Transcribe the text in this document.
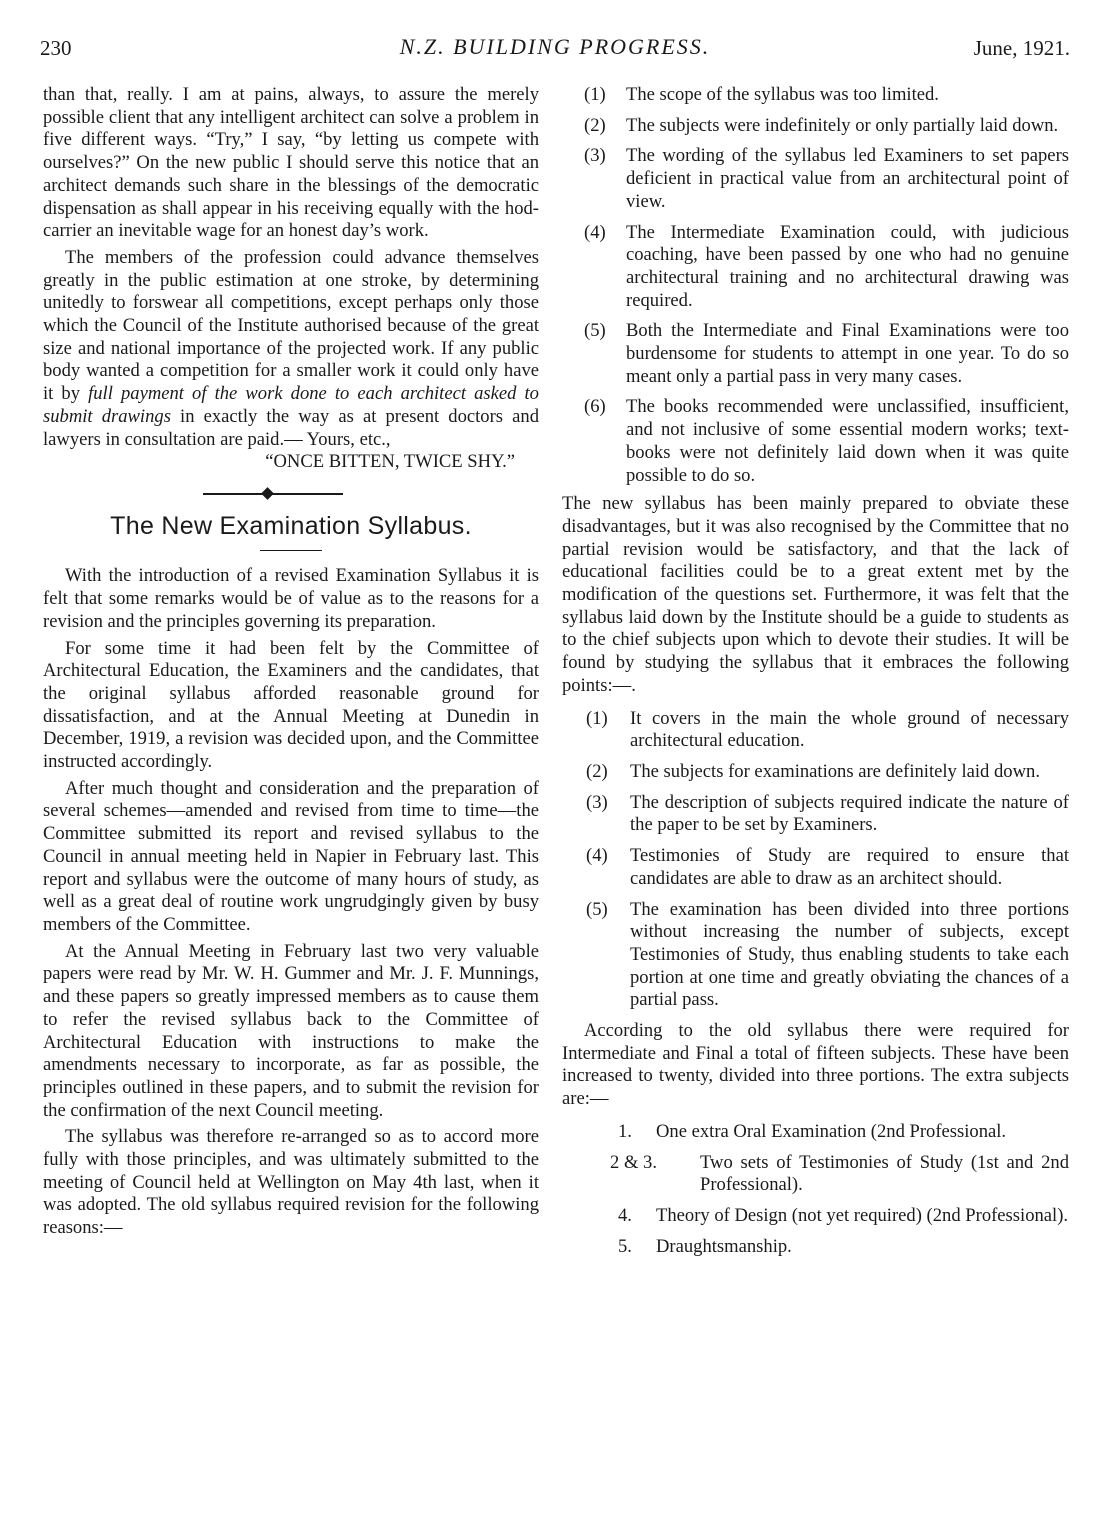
230	N.Z. BUILDING PROGRESS.	June, 1921.

than that, really. I am at pains, always, to assure the merely possible client that any intelligent architect can solve a problem in five different ways. “Try,” I say, “by letting us compete with ourselves?” On the new public I should serve this notice that an architect demands such share in the blessings of the democratic dispensation as shall appear in his receiving equally with the hod-carrier an inevitable wage for an honest day’s work.

The members of the profession could advance themselves greatly in the public estimation at one stroke, by determining unitedly to forswear all competitions, except perhaps only those which the Council of the Institute authorised because of the great size and national importance of the projected work. If any public body wanted a competition for a smaller work it could only have it by full payment of the work done to each architect asked to submit drawings in exactly the way as at present doctors and lawyers in consultation are paid.— Yours, etc.,

“ONCE BITTEN, TWICE SHY.”

The New Examination Syllabus.

With the introduction of a revised Examination Syllabus it is felt that some remarks would be of value as to the reasons for a revision and the principles governing its preparation.

For some time it had been felt by the Committee of Architectural Education, the Examiners and the candidates, that the original syllabus afforded reasonable ground for dissatisfaction, and at the Annual Meeting at Dunedin in December, 1919, a revision was decided upon, and the Committee instructed accordingly.

After much thought and consideration and the preparation of several schemes—amended and revised from time to time—the Committee submitted its report and revised syllabus to the Council in annual meeting held in Napier in February last. This report and syllabus were the outcome of many hours of study, as well as a great deal of routine work ungrudgingly given by busy members of the Committee.

At the Annual Meeting in February last two very valuable papers were read by Mr. W. H. Gummer and Mr. J. F. Munnings, and these papers so greatly impressed members as to cause them to refer the revised syllabus back to the Committee of Architectural Education with instructions to make the amendments necessary to incorporate, as far as possible, the principles outlined in these papers, and to submit the revision for the confirmation of the next Council meeting.

The syllabus was therefore re-arranged so as to accord more fully with those principles, and was ultimately submitted to the meeting of Council held at Wellington on May 4th last, when it was adopted. The old syllabus required revision for the following reasons:—

(1) The scope of the syllabus was too limited.
(2) The subjects were indefinitely or only partially laid down.
(3) The wording of the syllabus led Examiners to set papers deficient in practical value from an architectural point of view.
(4) The Intermediate Examination could, with judicious coaching, have been passed by one who had no genuine architectural training and no architectural drawing was required.
(5) Both the Intermediate and Final Examinations were too burdensome for students to attempt in one year. To do so meant only a partial pass in very many cases.
(6) The books recommended were unclassified, insufficient, and not inclusive of some essential modern works; text-books were not definitely laid down when it was quite possible to do so.

The new syllabus has been mainly prepared to obviate these disadvantages, but it was also recognised by the Committee that no partial revision would be satisfactory, and that the lack of educational facilities could be to a great extent met by the modification of the questions set. Furthermore, it was felt that the syllabus laid down by the Institute should be a guide to students as to the chief subjects upon which to devote their studies. It will be found by studying the syllabus that it embraces the following points:—.

(1) It covers in the main the whole ground of necessary architectural education.
(2) The subjects for examinations are definitely laid down.
(3) The description of subjects required indicate the nature of the paper to be set by Examiners.
(4) Testimonies of Study are required to ensure that candidates are able to draw as an architect should.
(5) The examination has been divided into three portions without increasing the number of subjects, except Testimonies of Study, thus enabling students to take each portion at one time and greatly obviating the chances of a partial pass.

According to the old syllabus there were required for Intermediate and Final a total of fifteen subjects. These have been increased to twenty, divided into three portions. The extra subjects are:—

1. One extra Oral Examination (2nd Professional.
2 & 3. Two sets of Testimonies of Study (1st and 2nd Professional).
4. Theory of Design (not yet required) (2nd Professional).
5. Draughtsmanship.
